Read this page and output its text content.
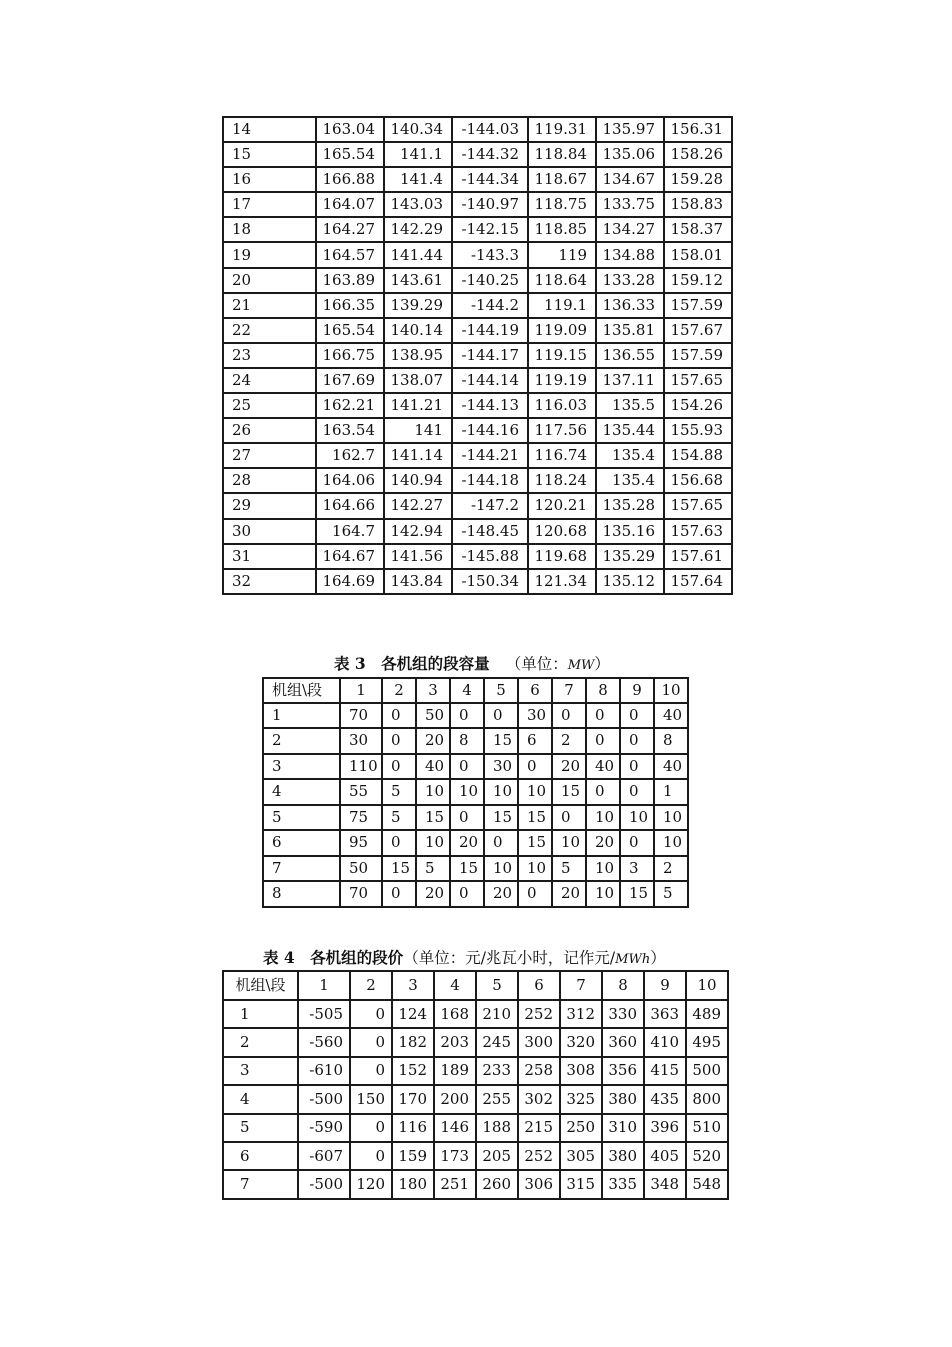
14	163.04	140.34	-144.03	119.31	135.97	156.31
15	165.54	141.1	-144.32	118.84	135.06	158.26
16	166.88	141.4	-144.34	118.67	134.67	159.28
17	164.07	143.03	-140.97	118.75	133.75	158.83
18	164.27	142.29	-142.15	118.85	134.27	158.37
19	164.57	141.44	-143.3	119	134.88	158.01
20	163.89	143.61	-140.25	118.64	133.28	159.12
21	166.35	139.29	-144.2	119.1	136.33	157.59
22	165.54	140.14	-144.19	119.09	135.81	157.67
23	166.75	138.95	-144.17	119.15	136.55	157.59
24	167.69	138.07	-144.14	119.19	137.11	157.65
25	162.21	141.21	-144.13	116.03	135.5	154.26
26	163.54	141	-144.16	117.56	135.44	155.93
27	162.7	141.14	-144.21	116.74	135.4	154.88
28	164.06	140.94	-144.18	118.24	135.4	156.68
29	164.66	142.27	-147.2	120.21	135.28	157.65
30	164.7	142.94	-148.45	120.68	135.16	157.63
31	164.67	141.56	-145.88	119.68	135.29	157.61
32	164.69	143.84	-150.34	121.34	135.12	157.64
表 3　各机组的段容量 （单位：MW）
机组\段	1	2	3	4	5	6	7	8	9	10
1	70	0	50	0	0	30	0	0	0	40
2	30	0	20	8	15	6	2	0	0	8
3	110	0	40	0	30	0	20	40	0	40
4	55	5	10	10	10	10	15	0	0	1
5	75	5	15	0	15	15	0	10	10	10
6	95	0	10	20	0	15	10	20	0	10
7	50	15	5	15	10	10	5	10	3	2
8	70	0	20	0	20	0	20	10	15	5
表 4　各机组的段价（单位：元/兆瓦小时，记作元/MWh）
机组\段	1	2	3	4	5	6	7	8	9	10
1	-505	0	124	168	210	252	312	330	363	489
2	-560	0	182	203	245	300	320	360	410	495
3	-610	0	152	189	233	258	308	356	415	500
4	-500	150	170	200	255	302	325	380	435	800
5	-590	0	116	146	188	215	250	310	396	510
6	-607	0	159	173	205	252	305	380	405	520
7	-500	120	180	251	260	306	315	335	348	548
